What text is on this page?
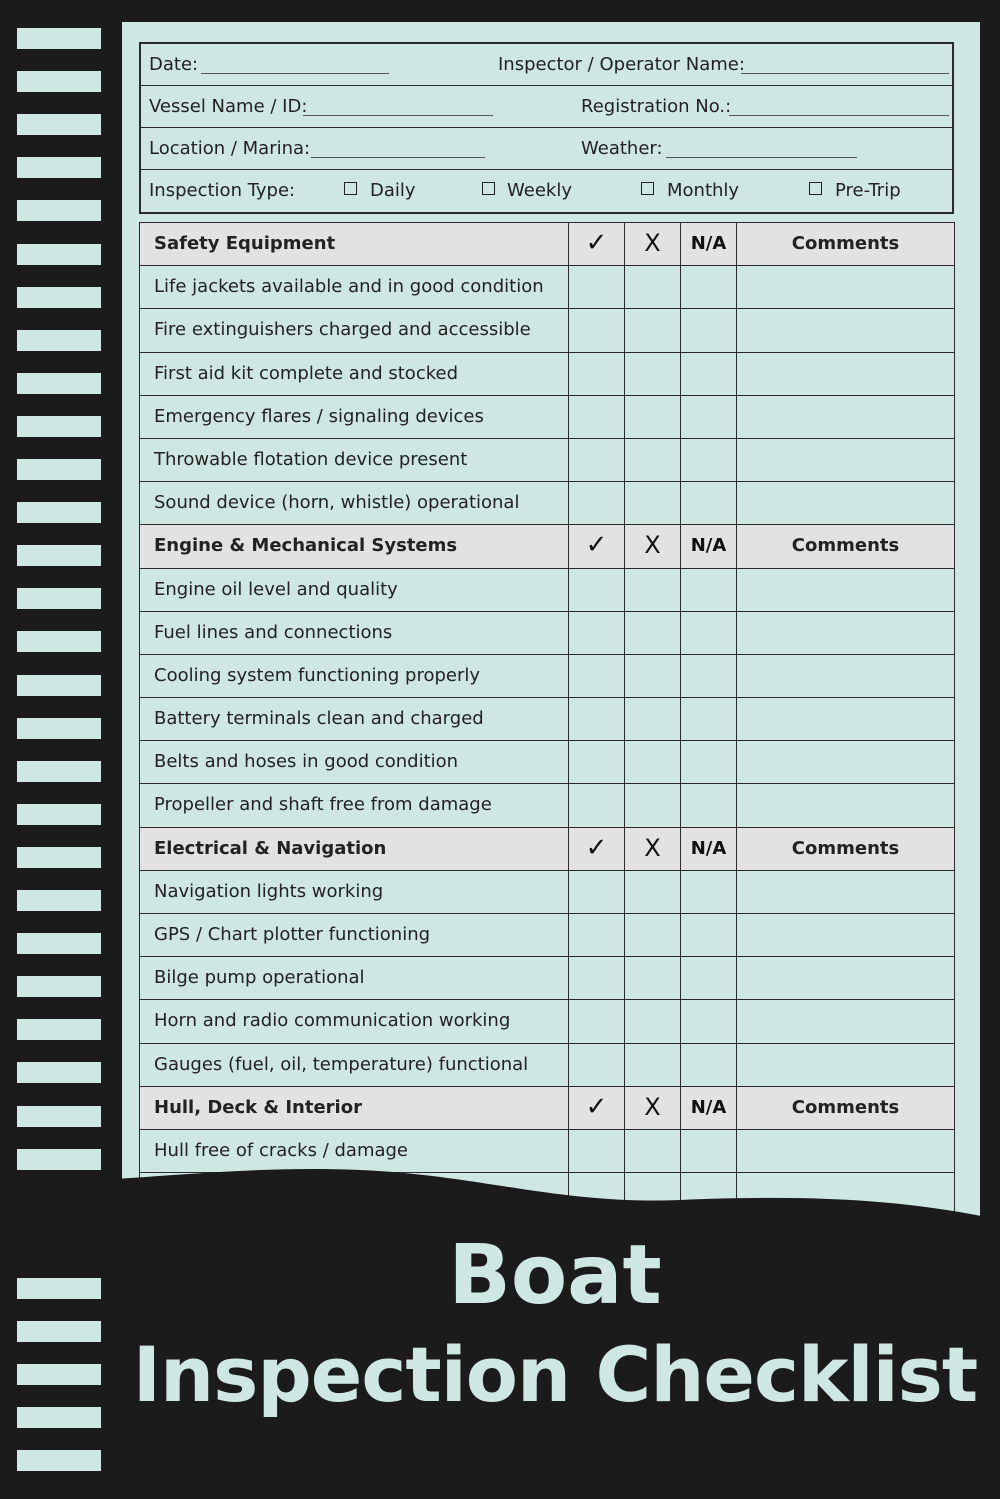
Date:	Inspector / Operator Name:
Vessel Name / ID:	Registration No.:
Location / Marina:	Weather:
Inspection Type:	Daily	Weekly	Monthly	Pre-Trip
Safety Equipment	✓	X	N/A	Comments
Life jackets available and in good condition
Fire extinguishers charged and accessible
First aid kit complete and stocked
Emergency flares / signaling devices
Throwable flotation device present
Sound device (horn, whistle) operational
Engine & Mechanical Systems	✓	X	N/A	Comments
Engine oil level and quality
Fuel lines and connections
Cooling system functioning properly
Battery terminals clean and charged
Belts and hoses in good condition
Propeller and shaft free from damage
Electrical & Navigation	✓	X	N/A	Comments
Navigation lights working
GPS / Chart plotter functioning
Bilge pump operational
Horn and radio communication working
Gauges (fuel, oil, temperature) functional
Hull, Deck & Interior	✓	X	N/A	Comments
Hull free of cracks / damage
Boat
Inspection Checklist
